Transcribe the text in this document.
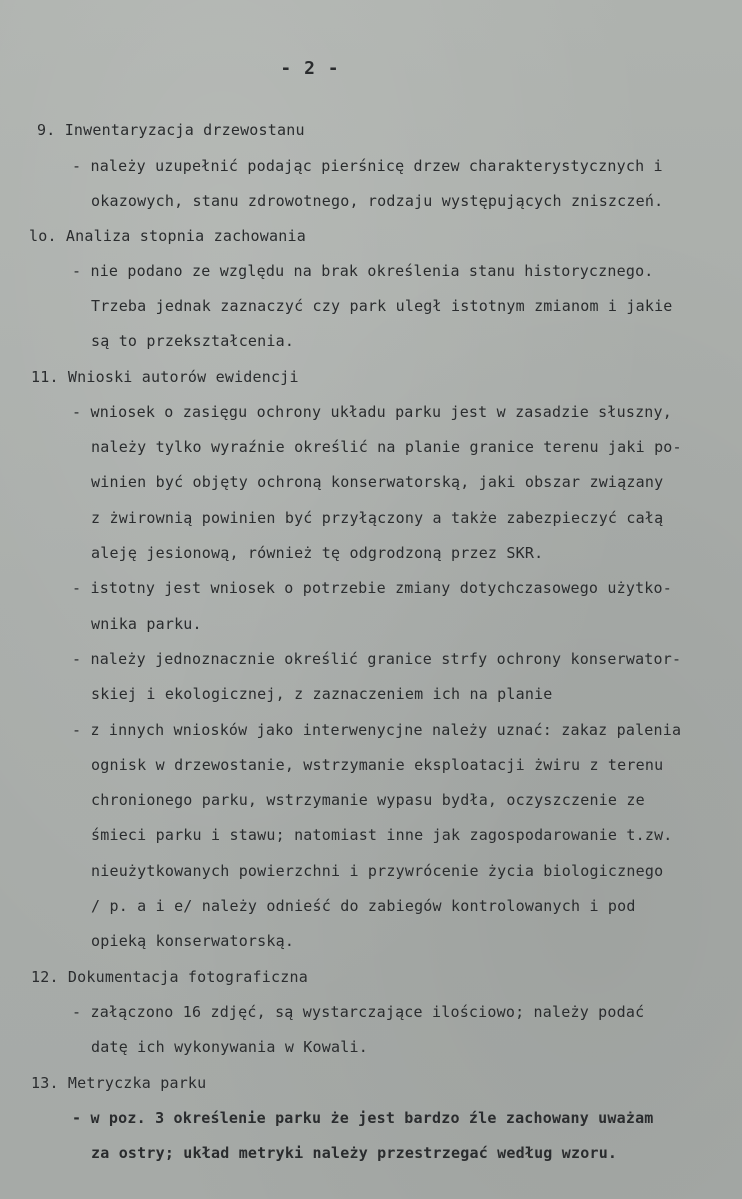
- 2 -
9. Inwentaryzacja drzewostanu
- należy uzupełnić podając pierśnicę drzew charakterystycznych i
okazowych, stanu zdrowotnego, rodzaju występujących zniszczeń.
lo. Analiza stopnia zachowania
- nie podano ze względu na brak określenia stanu historycznego.
Trzeba jednak zaznaczyć czy park uległ istotnym zmianom i jakie
są to przekształcenia.
11. Wnioski autorów ewidencji
- wniosek o zasięgu ochrony układu parku jest w zasadzie słuszny,
należy tylko wyraźnie określić na planie granice terenu jaki po-
winien być objęty ochroną konserwatorską, jaki obszar związany
z żwirownią powinien być przyłączony a także zabezpieczyć całą
aleję jesionową, również tę odgrodzoną przez SKR.
- istotny jest wniosek o potrzebie zmiany dotychczasowego użytko-
wnika parku.
- należy jednoznacznie określić granice strfy ochrony konserwator-
skiej i ekologicznej, z zaznaczeniem ich na planie
- z innych wniosków jako interwenycjne należy uznać: zakaz palenia
ognisk w drzewostanie, wstrzymanie eksploatacji żwiru z terenu
chronionego parku, wstrzymanie wypasu bydła, oczyszczenie ze
śmieci parku i stawu; natomiast inne jak zagospodarowanie t.zw.
nieużytkowanych powierzchni i przywrócenie życia biologicznego
/ p. a i e/ należy odnieść do zabiegów kontrolowanych i pod
opieką konserwatorską.
12. Dokumentacja fotograficzna
- załączono 16 zdjęć, są wystarczające ilościowo; należy podać
datę ich wykonywania w Kowali.
13. Metryczka parku
- w poz. 3 określenie parku że jest bardzo źle zachowany uważam
za ostry; układ metryki należy przestrzegać według wzoru.
